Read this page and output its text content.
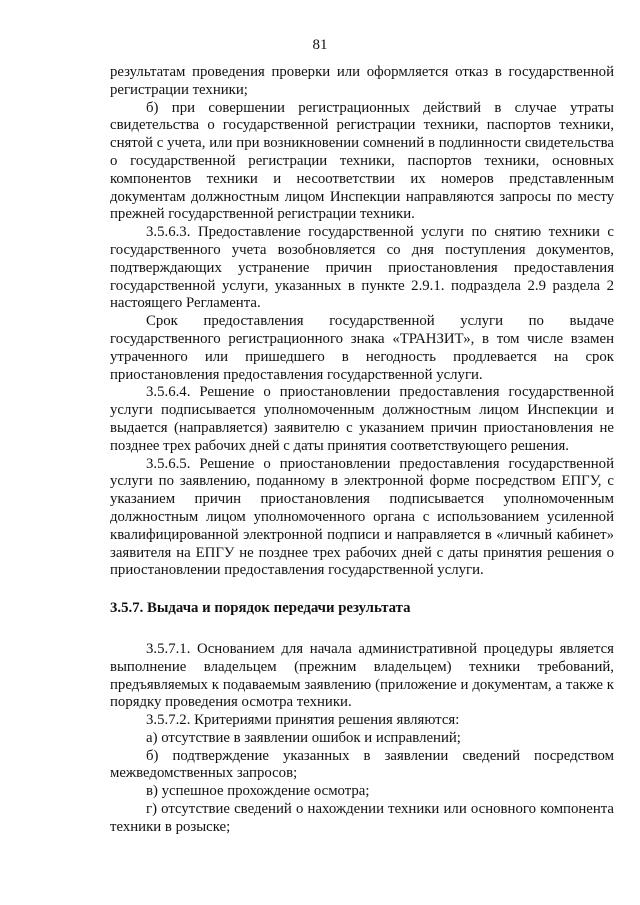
81

результатам проведения проверки или оформляется отказ в государственной регистрации техники;

б) при совершении регистрационных действий в случае утраты свидетельства о государственной регистрации техники, паспортов техники, снятой с учета, или при возникновении сомнений в подлинности свидетельства о государственной регистрации техники, паспортов техники, основных компонентов техники и несоответствии их номеров представленным документам должностным лицом Инспекции направляются запросы по месту прежней государственной регистрации техники.

3.5.6.3. Предоставление государственной услуги по снятию техники с государственного учета возобновляется со дня поступления документов, подтверждающих устранение причин приостановления предоставления государственной услуги, указанных в пункте 2.9.1. подраздела 2.9 раздела 2 настоящего Регламента.

Срок предоставления государственной услуги по выдаче государственного регистрационного знака «ТРАНЗИТ», в том числе взамен утраченного или пришедшего в негодность продлевается на срок приостановления предоставления государственной услуги.

3.5.6.4. Решение о приостановлении предоставления государственной услуги подписывается уполномоченным должностным лицом Инспекции и выдается (направляется) заявителю с указанием причин приостановления не позднее трех рабочих дней с даты принятия соответствующего решения.

3.5.6.5. Решение о приостановлении предоставления государственной услуги по заявлению, поданному в электронной форме посредством ЕПГУ, с указанием причин приостановления подписывается уполномоченным должностным лицом уполномоченного органа с использованием усиленной квалифицированной электронной подписи и направляется в «личный кабинет» заявителя на ЕПГУ не позднее трех рабочих дней с даты принятия решения о приостановлении предоставления государственной услуги.

3.5.7. Выдача и порядок передачи результата

3.5.7.1. Основанием для начала административной процедуры является выполнение владельцем (прежним владельцем) техники требований, предъявляемых к подаваемым заявлению (приложение и документам, а также к порядку проведения осмотра техники.

3.5.7.2. Критериями принятия решения являются:

а) отсутствие в заявлении ошибок и исправлений;

б) подтверждение указанных в заявлении сведений посредством межведомственных запросов;

в) успешное прохождение осмотра;

г) отсутствие сведений о нахождении техники или основного компонента техники в розыске;
